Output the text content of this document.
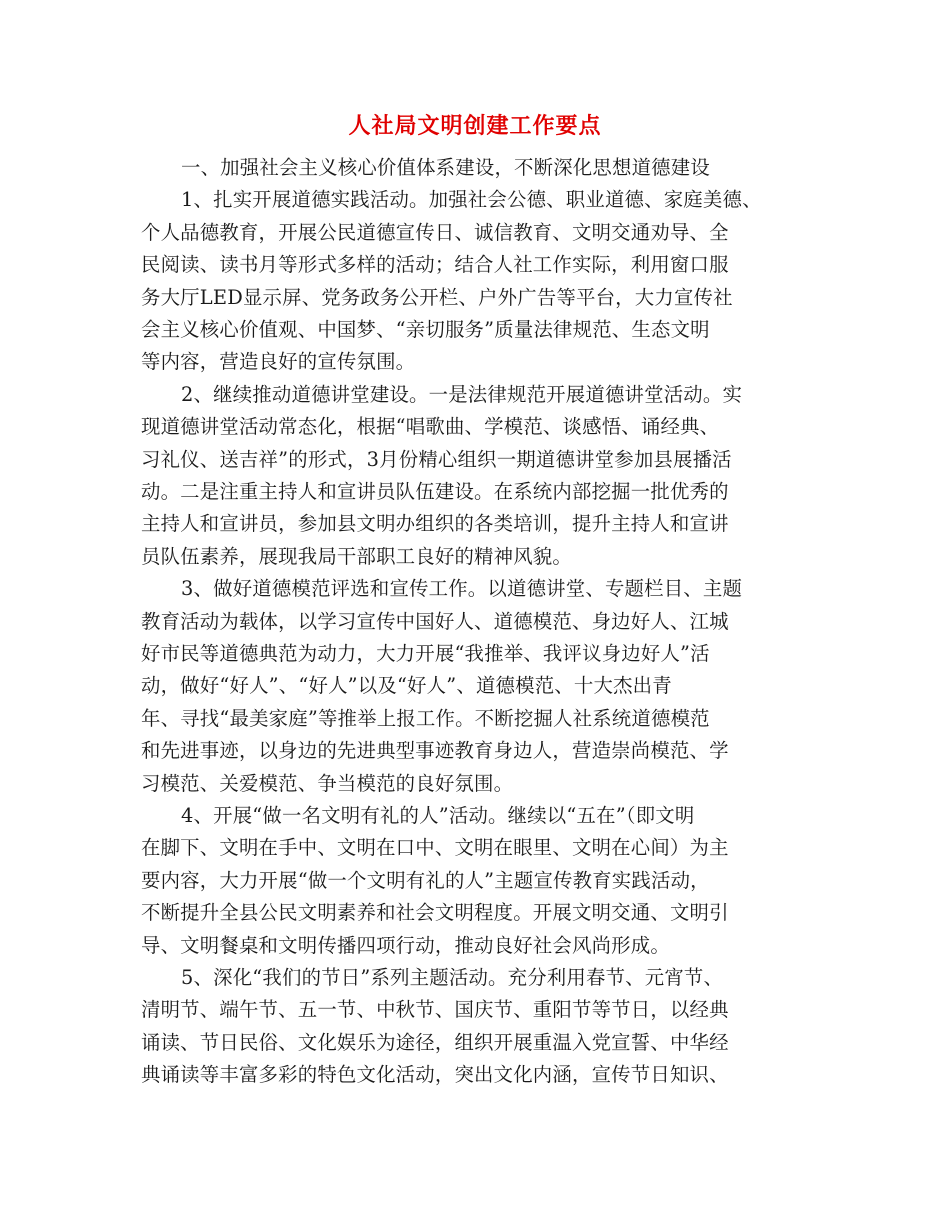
人社局文明创建工作要点
一、加强社会主义核心价值体系建设，不断深化思想道德建设
1、扎实开展道德实践活动。加强社会公德、职业道德、家庭美德、
个人品德教育，开展公民道德宣传日、诚信教育、文明交通劝导、全
民阅读、读书月等形式多样的活动；结合人社工作实际，利用窗口服
务大厅LED显示屏、党务政务公开栏、户外广告等平台，大力宣传社
会主义核心价值观、中国梦、“亲切服务”质量法律规范、生态文明
等内容，营造良好的宣传氛围。
2、继续推动道德讲堂建设。一是法律规范开展道德讲堂活动。实
现道德讲堂活动常态化，根据“唱歌曲、学模范、谈感悟、诵经典、
习礼仪、送吉祥”的形式，3月份精心组织一期道德讲堂参加县展播活
动。二是注重主持人和宣讲员队伍建设。在系统内部挖掘一批优秀的
主持人和宣讲员，参加县文明办组织的各类培训，提升主持人和宣讲
员队伍素养，展现我局干部职工良好的精神风貌。
3、做好道德模范评选和宣传工作。以道德讲堂、专题栏目、主题
教育活动为载体，以学习宣传中国好人、道德模范、身边好人、江城
好市民等道德典范为动力，大力开展“我推举、我评议身边好人”活
动，做好“好人”、“好人”以及“好人”、道德模范、十大杰出青
年、寻找“最美家庭”等推举上报工作。不断挖掘人社系统道德模范
和先进事迹，以身边的先进典型事迹教育身边人，营造崇尚模范、学
习模范、关爱模范、争当模范的良好氛围。
4、开展“做一名文明有礼的人”活动。继续以“五在”（即文明
在脚下、文明在手中、文明在口中、文明在眼里、文明在心间）为主
要内容，大力开展“做一个文明有礼的人”主题宣传教育实践活动，
不断提升全县公民文明素养和社会文明程度。开展文明交通、文明引
导、文明餐桌和文明传播四项行动，推动良好社会风尚形成。
5、深化“我们的节日”系列主题活动。充分利用春节、元宵节、
清明节、端午节、五一节、中秋节、国庆节、重阳节等节日，以经典
诵读、节日民俗、文化娱乐为途径，组织开展重温入党宣誓、中华经
典诵读等丰富多彩的特色文化活动，突出文化内涵，宣传节日知识、
